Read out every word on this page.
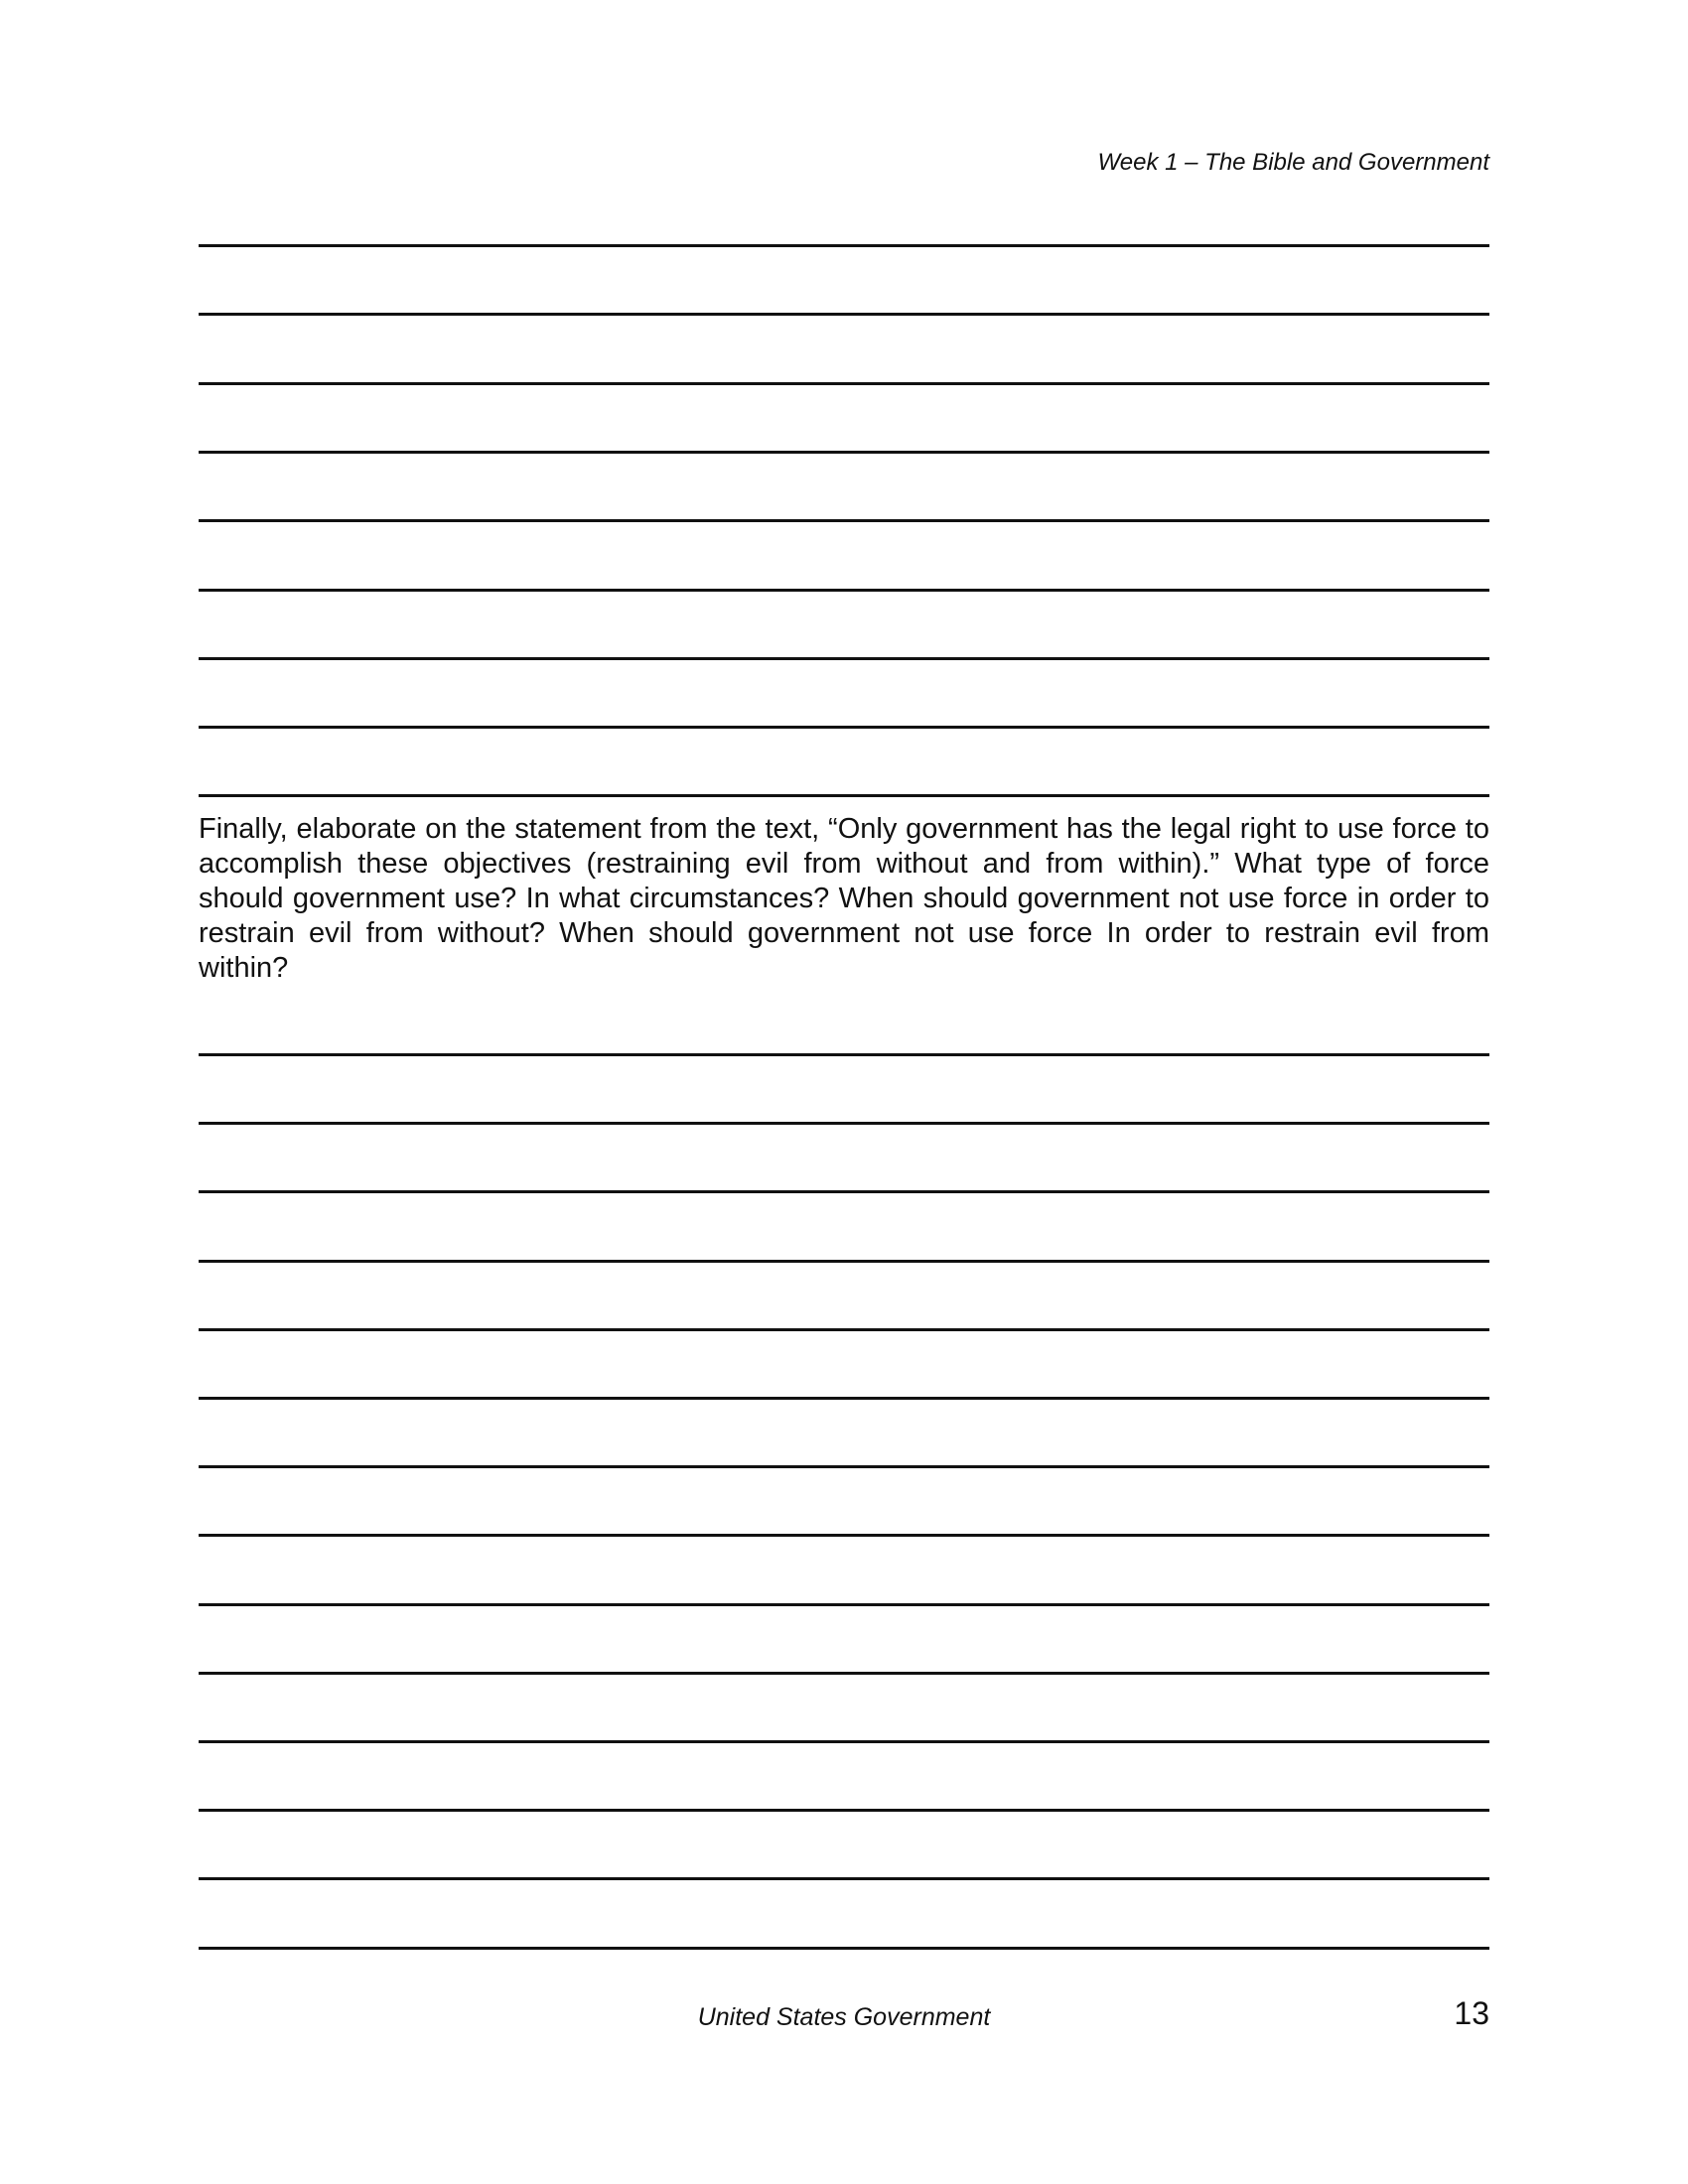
Week 1 – The Bible and Government

Finally, elaborate on the statement from the text, “Only government has the legal right to use force to accomplish these objectives (restraining evil from without and from within).” What type of force should government use? In what circumstances? When should government not use force in order to restrain evil from without? When should government not use force In order to restrain evil from within?

United States Government	13
